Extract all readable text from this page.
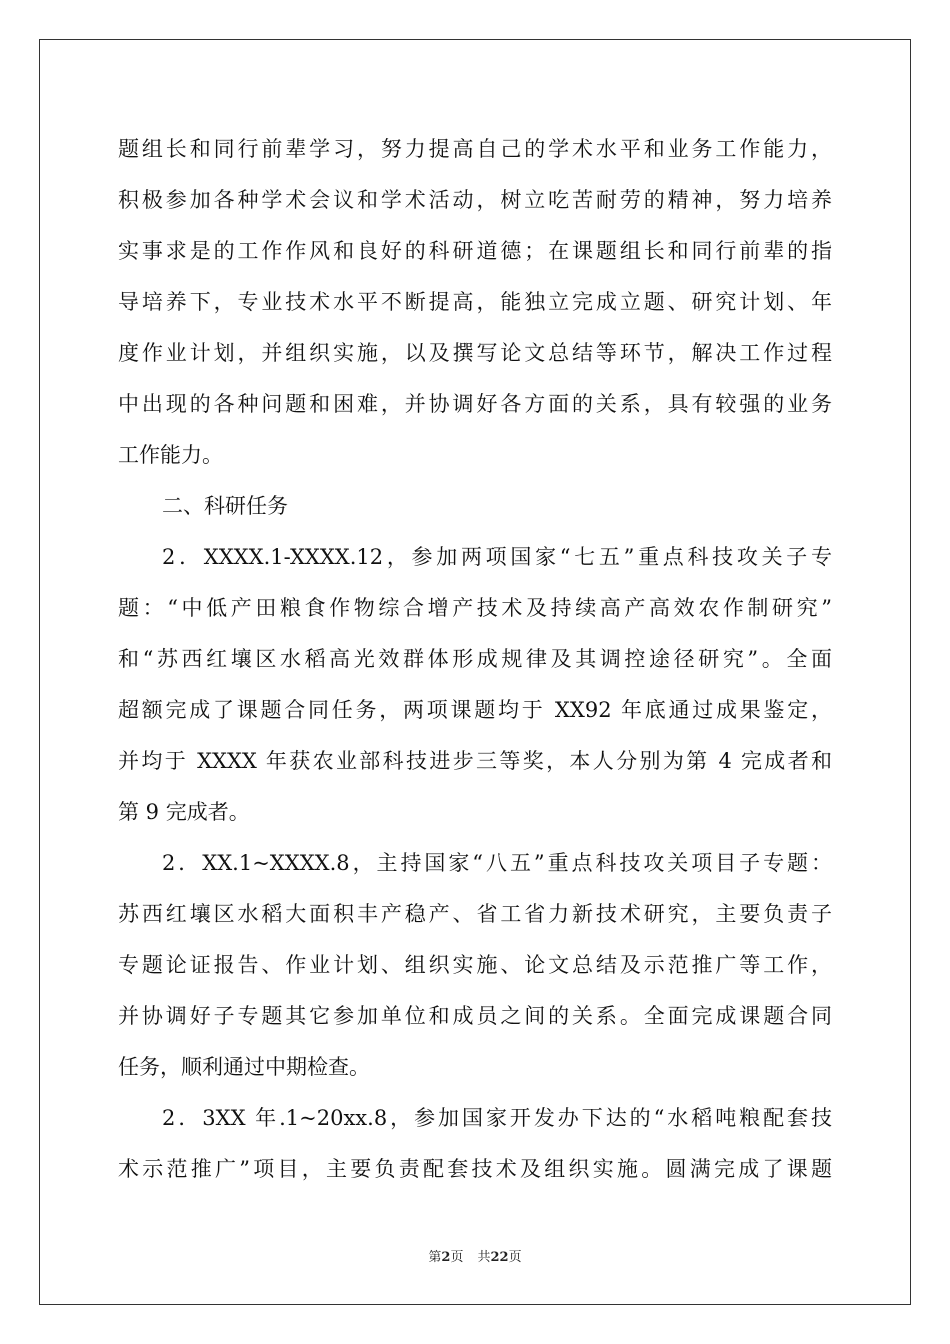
题组长和同行前辈学习，努力提高自己的学术水平和业务工作能力，
积极参加各种学术会议和学术活动，树立吃苦耐劳的精神，努力培养
实事求是的工作作风和良好的科研道德；在课题组长和同行前辈的指
导培养下，专业技术水平不断提高，能独立完成立题、研究计划、年
度作业计划，并组织实施，以及撰写论文总结等环节，解决工作过程
中出现的各种问题和困难，并协调好各方面的关系，具有较强的业务
工作能力。
二、科研任务
2．XXXX.1-XXXX.12，参加两项国家“七五”重点科技攻关子专
题：“中低产田粮食作物综合增产技术及持续高产高效农作制研究”
和“苏西红壤区水稻高光效群体形成规律及其调控途径研究”。全面
超额完成了课题合同任务，两项课题均于 XX92 年底通过成果鉴定，
并均于 XXXX 年获农业部科技进步三等奖，本人分别为第 4 完成者和
第 9 完成者。
2．XX.1~XXXX.8，主持国家“八五”重点科技攻关项目子专题：
苏西红壤区水稻大面积丰产稳产、省工省力新技术研究，主要负责子
专题论证报告、作业计划、组织实施、论文总结及示范推广等工作，
并协调好子专题其它参加单位和成员之间的关系。全面完成课题合同
任务，顺利通过中期检查。
2．3XX 年.1~20xx.8，参加国家开发办下达的“水稻吨粮配套技
术示范推广”项目，主要负责配套技术及组织实施。圆满完成了课题
第2页 共22页
